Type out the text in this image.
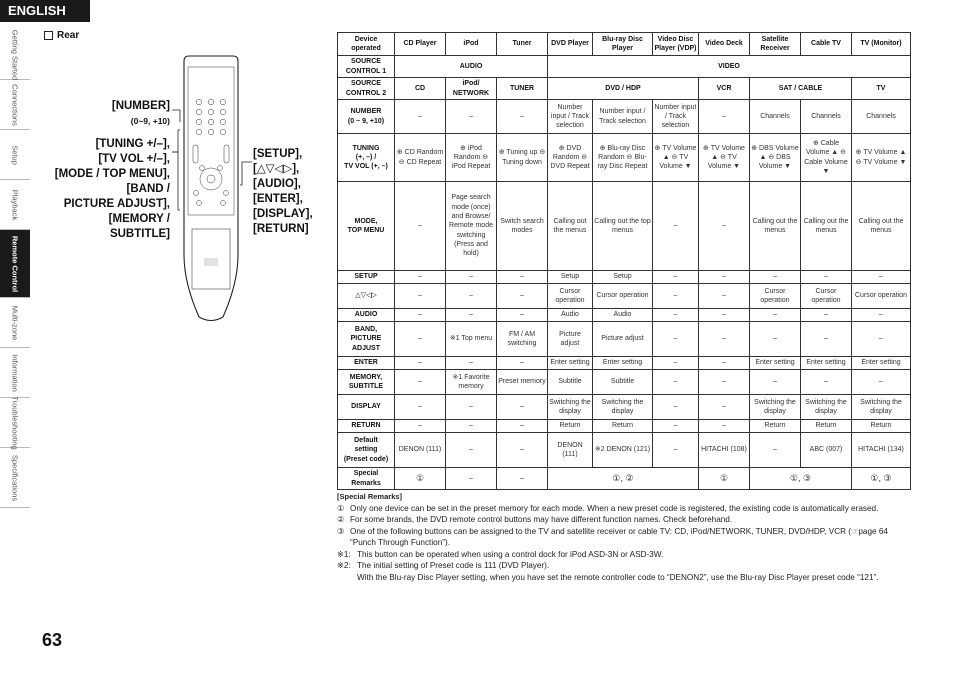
ENGLISH
Getting Started
Connections
Setup
Playback
Remote Control
Multi-zone
Information
Troubleshooting
Specifications
Rear
[NUMBER]
(0~9, +10)
[TUNING +/–],
[TV VOL +/–],
[MODE / TOP MENU],
[BAND /
PICTURE ADJUST],
[MEMORY / SUBTITLE]
[SETUP],
[△▽◁▷],
[AUDIO],
[ENTER],
[DISPLAY],
[RETURN]
Device operated	CD Player	iPod	Tuner	DVD Player	Blu-ray Disc Player	Video Disc Player (VDP)	Video Deck	Satellite Receiver	Cable TV	TV (Monitor)
SOURCE CONTROL 1	AUDIO			VIDEO						
SOURCE CONTROL 2	CD	iPod/ NETWORK	TUNER	DVD / HDP			VCR	SAT / CABLE		TV

NUMBER
(0 ~ 9, +10)	–	–	–	Number input / Track selection	Number input / Track selection	Number input / Track selection	–	Channels	Channels	Channels

TUNING
(+, –) /
TV VOL (+, –)	⊕ CD Random ⊖ CD Repeat	⊕ iPod Random ⊖ iPod Repeat	⊕ Tuning up ⊖ Tuning down	⊕ DVD Random ⊖ DVD Repeat	⊕ Blu-ray Disc Random ⊖ Blu-ray Disc Repeat	⊕ TV Volume ▲ ⊖ TV Volume ▼	⊕ TV Volume ▲ ⊖ TV Volume ▼	⊕ DBS Volume ▲ ⊖ DBS Volume ▼	⊕ Cable Volume ▲ ⊖ Cable Volume ▼	⊕ TV Volume ▲ ⊖ TV Volume ▼

MODE,
TOP MENU	–	Page search mode (once) and Browse/ Remote mode switching (Press and hold)	Switch search modes	Calling out the menus	Calling out the top menus	–	–	Calling out the menus	Calling out the menus	Calling out the menus
SETUP	–	–	–	Setup	Setup	–	–	–	–	–
△▽◁▷	–	–	–	Cursor operation	Cursor operation	–	–	Cursor operation	Cursor operation	Cursor operation
AUDIO	–	–	–	Audio	Audio	–	–	–	–	–

BAND,
PICTURE
ADJUST	–	※1 Top menu	FM / AM switching	Picture adjust	Picture adjust	–	–	–	–	–
ENTER	–	–	–	Enter setting	Enter setting	–	–	Enter setting	Enter setting	Enter setting

MEMORY,
SUBTITLE	–	※1 Favorite memory	Preset memory	Subtitle	Subtitle	–	–	–	–	–
DISPLAY	–	–	–	Switching the display	Switching the display	–	–	Switching the display	Switching the display	Switching the display
RETURN	–	–	–	Return	Return	–	–	Return	Return	Return

Default
setting
(Preset code)	DENON (111)	–	–	DENON (111)	※2 DENON (121)	–	HITACHI (108)	–	ABC (007)	HITACHI (134)

Special
Remarks	①	–	–	①, ②			①	①, ③		①, ③
[Special Remarks]
① Only one device can be set in the preset memory for each mode. When a new preset code is registered, the existing code is automatically erased.
② For some brands, the DVD remote control buttons may have different function names. Check beforehand.
③ One of the following buttons can be assigned to the TV and satellite receiver or cable TV: CD, iPod/NETWORK, TUNER, DVD/HDP, VCR (☞page 64 “Punch Through Function”).
※1: This button can be operated when using a control dock for iPod ASD-3N or ASD-3W.
※2: The initial setting of Preset code is 111 (DVD Player).
With the Blu-ray Disc Player setting, when you have set the remote controller code to “DENON2”, use the Blu-ray Disc Player preset code “121”.
63
